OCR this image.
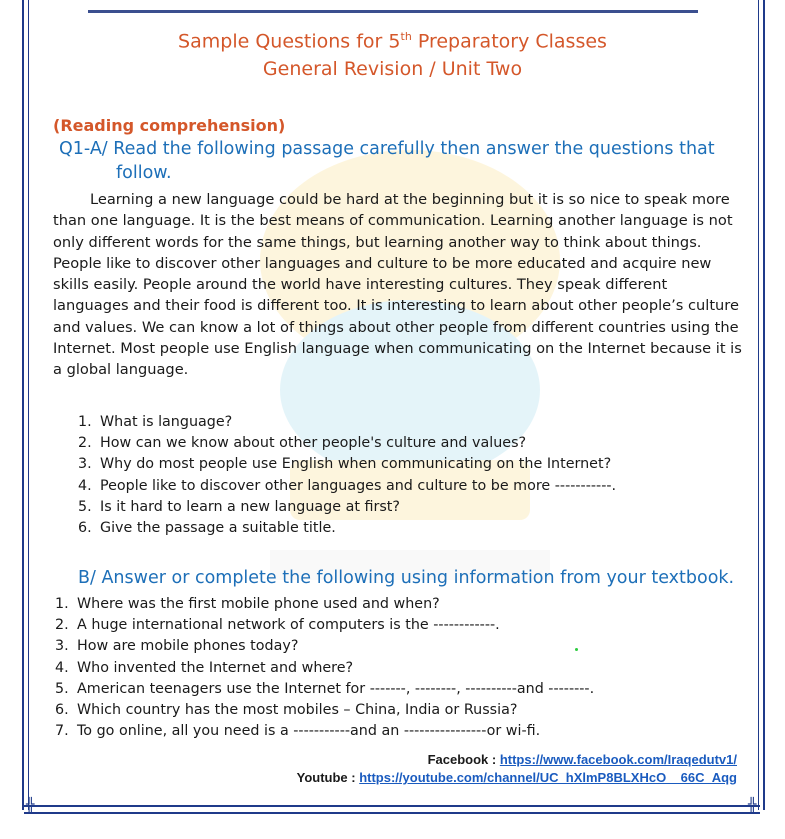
╬	╬
Sample Questions for 5th Preparatory Classes
General Revision / Unit Two
(Reading comprehension)
Q1-A/ Read the following passage carefully then answer the questions that
follow.

Learning a new language could be hard at the beginning but it is so nice to speak more than one language. It is the best means of communication. Learning another language is not only different words for the same things, but learning another way to think about things. People like to discover other languages and culture to be more educated and acquire new skills easily. People around the world have interesting cultures. They speak different languages and their food is different too. It is interesting to learn about other people’s culture and values. We can know a lot of things about other people from different countries using the Internet. Most people use English language when communicating on the Internet because it is a global language.

1. What is language?
2. How can we know about other people's culture and values?
3. Why do most people use English when communicating on the Internet?
4. People like to discover other languages and culture to be more -----------.
5. Is it hard to learn a new language at first?
6. Give the passage a suitable title.
B/ Answer or complete the following using information from your textbook.
1. Where was the first mobile phone used and when?
2. A huge international network of computers is the ------------.
3. How are mobile phones today?
4. Who invented the Internet and where?
5. American teenagers use the Internet for -------, --------, ----------and --------.
6. Which country has the most mobiles – China, India or Russia?
7. To go online, all you need is a -----------and an ----------------or wi-fi.
Facebook : https://www.facebook.com/Iraqedutv1/
Youtube : https://youtube.com/channel/UC_hXlmP8BLXHcO__66C_Aqg
